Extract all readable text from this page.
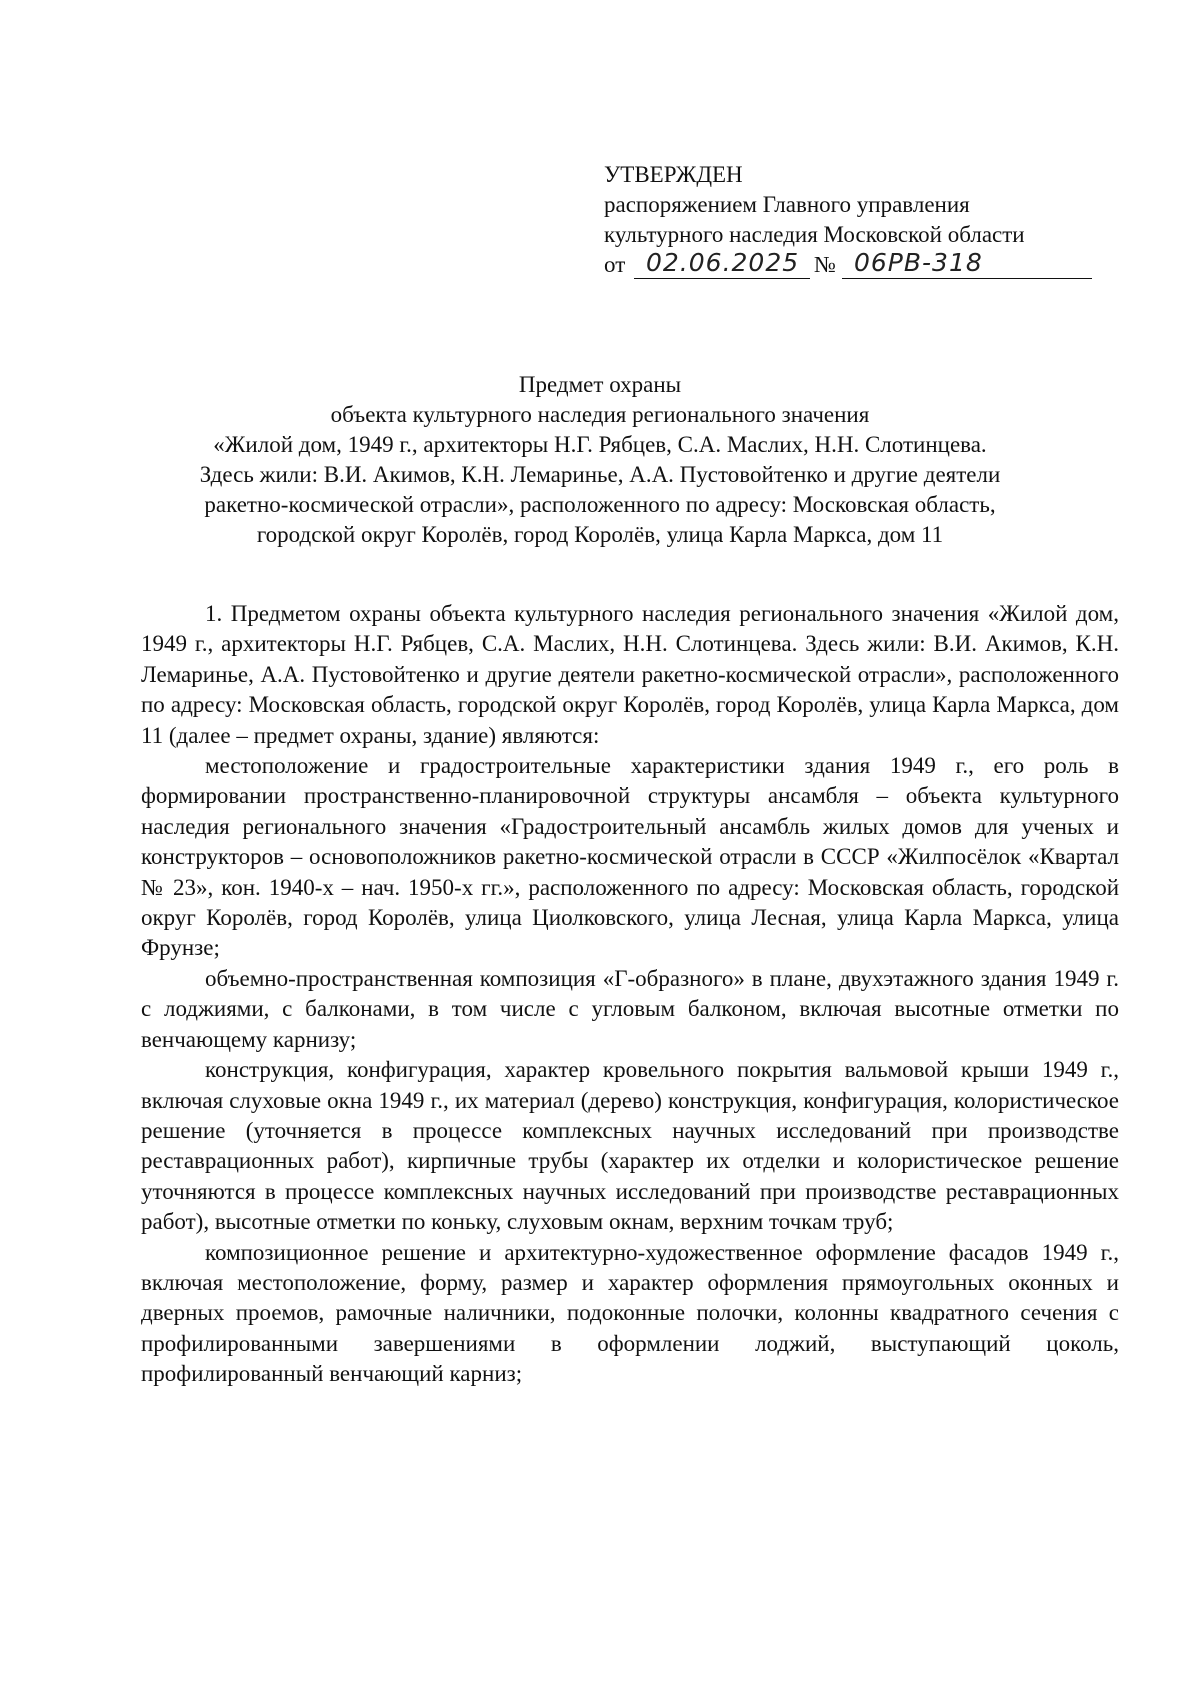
УТВЕРЖДЕН
распоряжением Главного управления
культурного наследия Московской области
от 02.06.2025 № 06РВ-318
Предмет охраны
объекта культурного наследия регионального значения
«Жилой дом, 1949 г., архитекторы Н.Г. Рябцев, С.А. Маслих, Н.Н. Слотинцева.
Здесь жили: В.И. Акимов, К.Н. Лемаринье, А.А. Пустовойтенко и другие деятели
ракетно-космической отрасли», расположенного по адресу: Московская область,
городской округ Королёв, город Королёв, улица Карла Маркса, дом 11

1. Предметом охраны объекта культурного наследия регионального значения «Жилой дом, 1949 г., архитекторы Н.Г. Рябцев, С.А. Маслих, Н.Н. Слотинцева. Здесь жили: В.И. Акимов, К.Н. Лемаринье, А.А. Пустовойтенко и другие деятели ракетно-космической отрасли», расположенного по адресу: Московская область, городской округ Королёв, город Королёв, улица Карла Маркса, дом 11 (далее – предмет охраны, здание) являются:

местоположение и градостроительные характеристики здания 1949 г., его роль в формировании пространственно-планировочной структуры ансамбля – объекта культурного наследия регионального значения «Градостроительный ансамбль жилых домов для ученых и конструкторов – основоположников ракетно-космической отрасли в СССР «Жилпосёлок «Квартал № 23», кон. 1940-х – нач. 1950-х гг.», расположенного по адресу: Московская область, городской округ Королёв, город Королёв, улица Циолковского, улица Лесная, улица Карла Маркса, улица Фрунзе;

объемно-пространственная композиция «Г-образного» в плане, двухэтажного здания 1949 г. с лоджиями, с балконами, в том числе с угловым балконом, включая высотные отметки по венчающему карнизу;

конструкция, конфигурация, характер кровельного покрытия вальмовой крыши 1949 г., включая слуховые окна 1949 г., их материал (дерево) конструкция, конфигурация, колористическое решение (уточняется в процессе комплексных научных исследований при производстве реставрационных работ), кирпичные трубы (характер их отделки и колористическое решение уточняются в процессе комплексных научных исследований при производстве реставрационных работ), высотные отметки по коньку, слуховым окнам, верхним точкам труб;

композиционное решение и архитектурно-художественное оформление фасадов 1949 г., включая местоположение, форму, размер и характер оформления прямоугольных оконных и дверных проемов, рамочные наличники, подоконные полочки, колонны квадратного сечения с профилированными завершениями в оформлении лоджий, выступающий цоколь, профилированный венчающий карниз;
